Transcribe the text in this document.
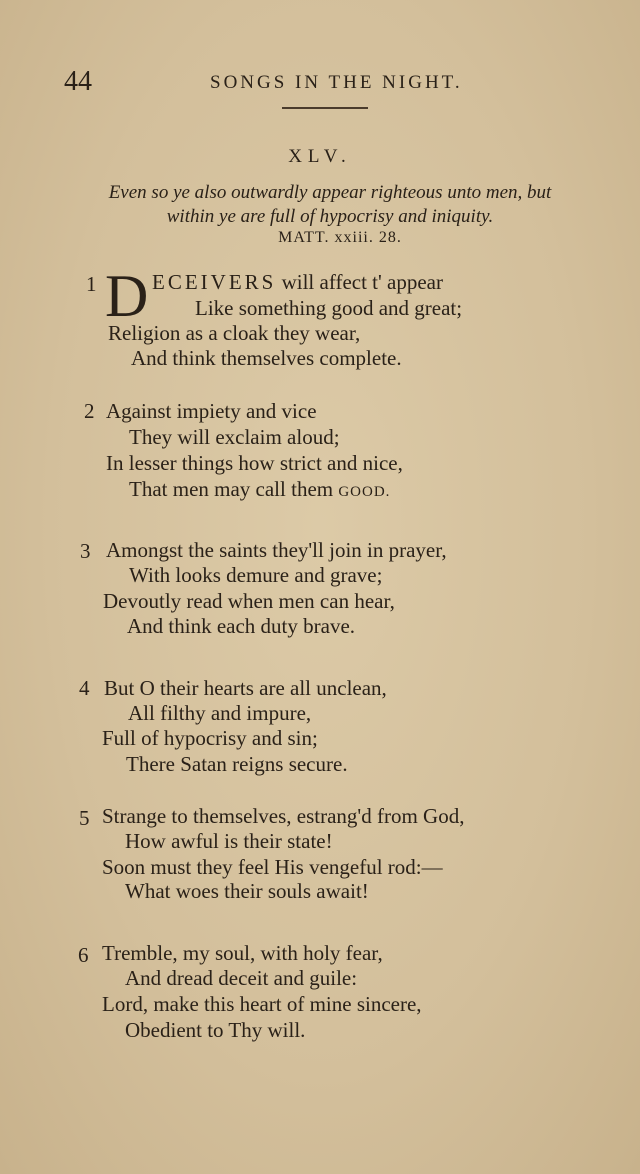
44	SONGS IN THE NIGHT.
XLV.
Even so ye also outwardly appear righteous unto men, but
within ye are full of hypocrisy and iniquity.
MATT. xxiii. 28.
1 D ECEIVERS will affect t' appear
Like something good and great;
Religion as a cloak they wear,
And think themselves complete.
2 Against impiety and vice
They will exclaim aloud;
In lesser things how strict and nice,
That men may call them GOOD.
3 Amongst the saints they'll join in prayer,
With looks demure and grave;
Devoutly read when men can hear,
And think each duty brave.
4 But O their hearts are all unclean,
All filthy and impure,
Full of hypocrisy and sin;
There Satan reigns secure.
5 Strange to themselves, estrang'd from God,
How awful is their state!
Soon must they feel His vengeful rod:—
What woes their souls await!
6 Tremble, my soul, with holy fear,
And dread deceit and guile:
Lord, make this heart of mine sincere,
Obedient to Thy will.
